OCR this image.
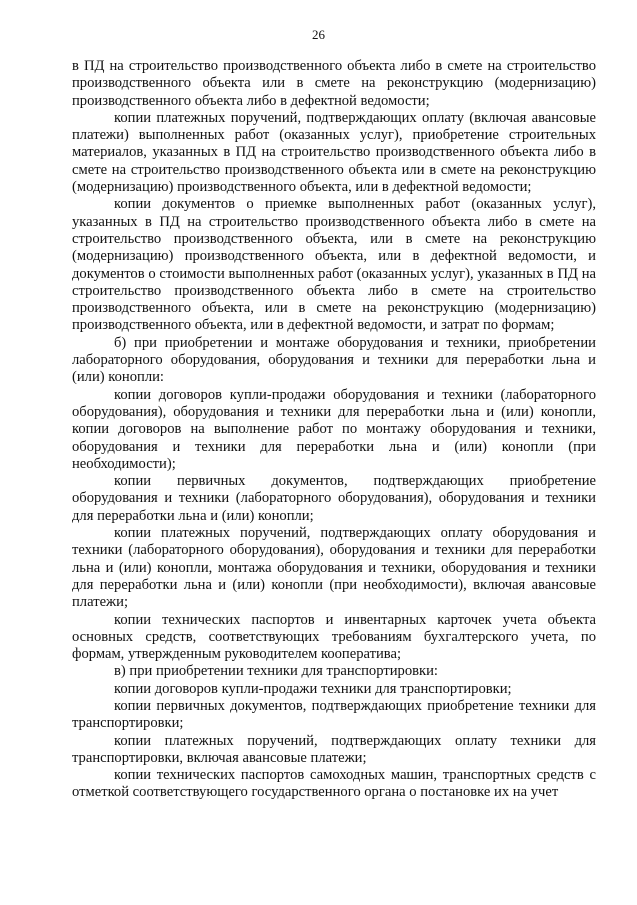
26

в ПД на строительство производственного объекта либо в смете на строительство производственного объекта или в смете на реконструкцию (модернизацию) производственного объекта либо в дефектной ведомости;

копии платежных поручений, подтверждающих оплату (включая авансовые платежи) выполненных работ (оказанных услуг), приобретение строительных материалов, указанных в ПД на строительство производственного объекта либо в смете на строительство производственного объекта или в смете на реконструкцию (модернизацию) производственного объекта, или в дефектной ведомости;

копии документов о приемке выполненных работ (оказанных услуг), указанных в ПД на строительство производственного объекта либо в смете на строительство производственного объекта, или в смете на реконструкцию (модернизацию) производственного объекта, или в дефектной ведомости, и документов о стоимости выполненных работ (оказанных услуг), указанных в ПД на строительство производственного объекта либо в смете на строительство производственного объекта, или в смете на реконструкцию (модернизацию) производственного объекта, или в дефектной ведомости, и затрат по формам;

б) при приобретении и монтаже оборудования и техники, приобретении лабораторного оборудования, оборудования и техники для переработки льна и (или) конопли:

копии договоров купли-продажи оборудования и техники (лабораторного оборудования), оборудования и техники для переработки льна и (или) конопли, копии договоров на выполнение работ по монтажу оборудования и техники, оборудования и техники для переработки льна и (или) конопли (при необходимости);

копии первичных документов, подтверждающих приобретение оборудования и техники (лабораторного оборудования), оборудования и техники для переработки льна и (или) конопли;

копии платежных поручений, подтверждающих оплату оборудования и техники (лабораторного оборудования), оборудования и техники для переработки льна и (или) конопли, монтажа оборудования и техники, оборудования и техники для переработки льна и (или) конопли (при необходимости), включая авансовые платежи;

копии технических паспортов и инвентарных карточек учета объекта основных средств, соответствующих требованиям бухгалтерского учета, по формам, утвержденным руководителем кооператива;

в) при приобретении техники для транспортировки:

копии договоров купли-продажи техники для транспортировки;

копии первичных документов, подтверждающих приобретение техники для транспортировки;

копии платежных поручений, подтверждающих оплату техники для транспортировки, включая авансовые платежи;

копии технических паспортов самоходных машин, транспортных средств с отметкой соответствующего государственного органа о постановке их на учет
